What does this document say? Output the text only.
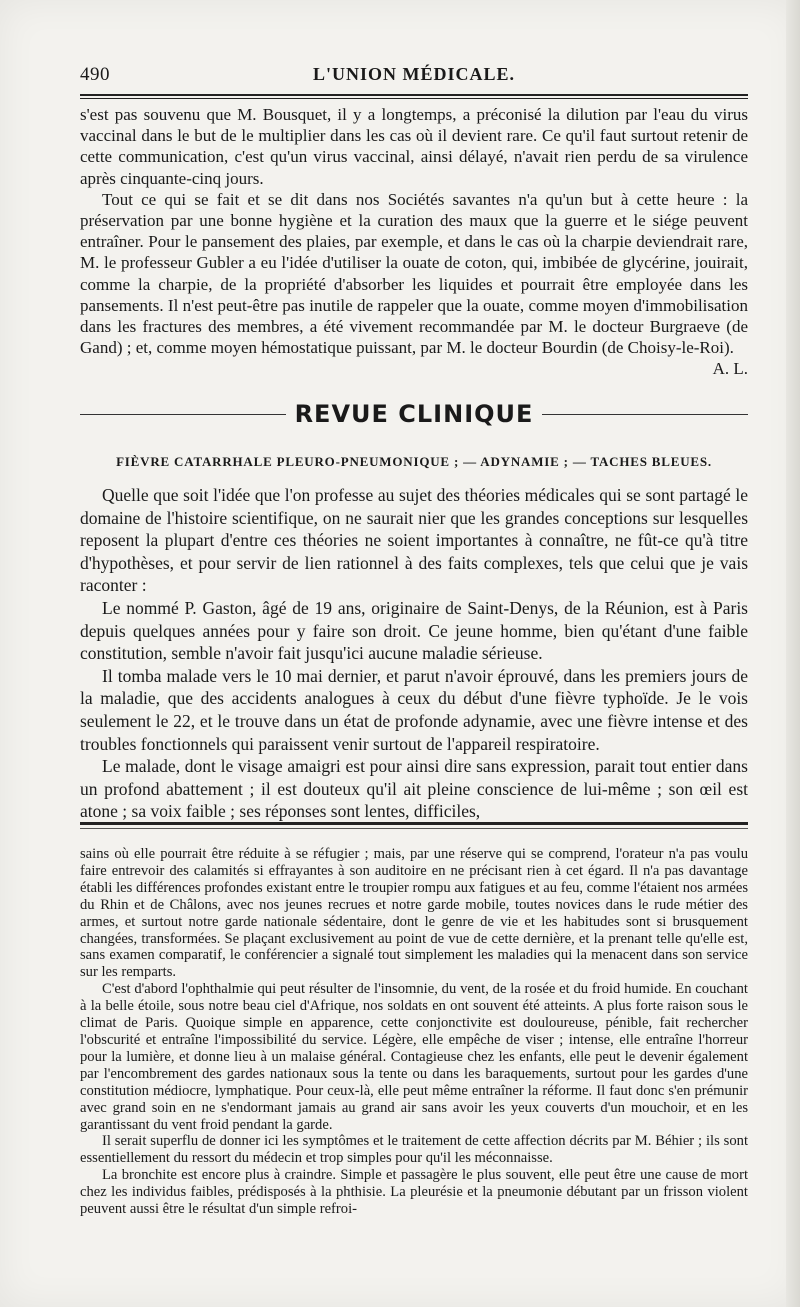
490	L'UNION MÉDICALE.

s'est pas souvenu que M. Bousquet, il y a longtemps, a préconisé la dilution par l'eau du virus vaccinal dans le but de le multiplier dans les cas où il devient rare. Ce qu'il faut surtout retenir de cette communication, c'est qu'un virus vaccinal, ainsi délayé, n'avait rien perdu de sa virulence après cinquante-cinq jours.

Tout ce qui se fait et se dit dans nos Sociétés savantes n'a qu'un but à cette heure : la préservation par une bonne hygiène et la curation des maux que la guerre et le siége peuvent entraîner. Pour le pansement des plaies, par exemple, et dans le cas où la charpie deviendrait rare, M. le professeur Gubler a eu l'idée d'utiliser la ouate de coton, qui, imbibée de glycérine, jouirait, comme la charpie, de la propriété d'absorber les liquides et pourrait être employée dans les pansements. Il n'est peut-être pas inutile de rappeler que la ouate, comme moyen d'immobilisation dans les fractures des membres, a été vivement recommandée par M. le docteur Burgraeve (de Gand) ; et, comme moyen hémostatique puissant, par M. le docteur Bourdin (de Choisy-le-Roi).

A. L.

REVUE CLINIQUE
FIÈVRE CATARRHALE PLEURO-PNEUMONIQUE ; — ADYNAMIE ; — TACHES BLEUES.

Quelle que soit l'idée que l'on professe au sujet des théories médicales qui se sont partagé le domaine de l'histoire scientifique, on ne saurait nier que les grandes conceptions sur lesquelles reposent la plupart d'entre ces théories ne soient importantes à connaître, ne fût-ce qu'à titre d'hypothèses, et pour servir de lien rationnel à des faits complexes, tels que celui que je vais raconter :

Le nommé P. Gaston, âgé de 19 ans, originaire de Saint-Denys, de la Réunion, est à Paris depuis quelques années pour y faire son droit. Ce jeune homme, bien qu'étant d'une faible constitution, semble n'avoir fait jusqu'ici aucune maladie sérieuse.

Il tomba malade vers le 10 mai dernier, et parut n'avoir éprouvé, dans les premiers jours de la maladie, que des accidents analogues à ceux du début d'une fièvre typhoïde. Je le vois seulement le 22, et le trouve dans un état de profonde adynamie, avec une fièvre intense et des troubles fonctionnels qui paraissent venir surtout de l'appareil respiratoire.

Le malade, dont le visage amaigri est pour ainsi dire sans expression, parait tout entier dans un profond abattement ; il est douteux qu'il ait pleine conscience de lui-même ; son œil est atone ; sa voix faible ; ses réponses sont lentes, difficiles,

sains où elle pourrait être réduite à se réfugier ; mais, par une réserve qui se comprend, l'orateur n'a pas voulu faire entrevoir des calamités si effrayantes à son auditoire en ne précisant rien à cet égard. Il n'a pas davantage établi les différences profondes existant entre le troupier rompu aux fatigues et au feu, comme l'étaient nos armées du Rhin et de Châlons, avec nos jeunes recrues et notre garde mobile, toutes novices dans le rude métier des armes, et surtout notre garde nationale sédentaire, dont le genre de vie et les habitudes sont si brusquement changées, transformées. Se plaçant exclusivement au point de vue de cette dernière, et la prenant telle qu'elle est, sans examen comparatif, le conférencier a signalé tout simplement les maladies qui la menacent dans son service sur les remparts.

C'est d'abord l'ophthalmie qui peut résulter de l'insomnie, du vent, de la rosée et du froid humide. En couchant à la belle étoile, sous notre beau ciel d'Afrique, nos soldats en ont souvent été atteints. A plus forte raison sous le climat de Paris. Quoique simple en apparence, cette conjonctivite est douloureuse, pénible, fait rechercher l'obscurité et entraîne l'impossibilité du service. Légère, elle empêche de viser ; intense, elle entraîne l'horreur pour la lumière, et donne lieu à un malaise général. Contagieuse chez les enfants, elle peut le devenir également par l'encombrement des gardes nationaux sous la tente ou dans les baraquements, surtout pour les gardes d'une constitution médiocre, lymphatique. Pour ceux-là, elle peut même entraîner la réforme. Il faut donc s'en prémunir avec grand soin en ne s'endormant jamais au grand air sans avoir les yeux couverts d'un mouchoir, et en les garantissant du vent froid pendant la garde.

Il serait superflu de donner ici les symptômes et le traitement de cette affection décrits par M. Béhier ; ils sont essentiellement du ressort du médecin et trop simples pour qu'il les méconnaisse.

La bronchite est encore plus à craindre. Simple et passagère le plus souvent, elle peut être une cause de mort chez les individus faibles, prédisposés à la phthisie. La pleurésie et la pneumonie débutant par un frisson violent peuvent aussi être le résultat d'un simple refroi-
